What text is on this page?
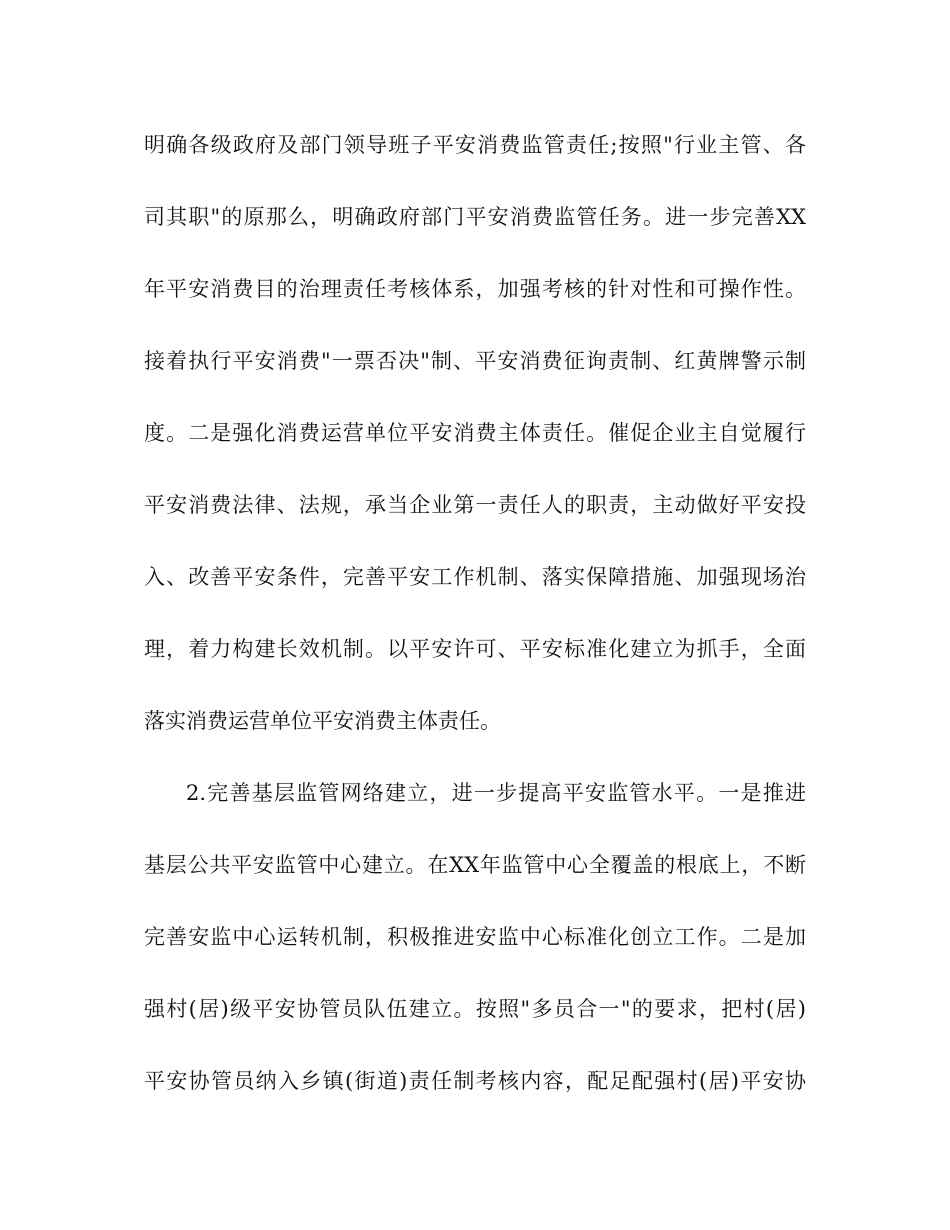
明确各级政府及部门领导班子平安消费监管责任;按照"行业主管、各
司其职"的原那么，明确政府部门平安消费监管任务。进一步完善XX
年平安消费目的治理责任考核体系，加强考核的针对性和可操作性。
接着执行平安消费"一票否决"制、平安消费征询责制、红黄牌警示制
度。二是强化消费运营单位平安消费主体责任。催促企业主自觉履行
平安消费法律、法规，承当企业第一责任人的职责，主动做好平安投
入、改善平安条件，完善平安工作机制、落实保障措施、加强现场治
理，着力构建长效机制。以平安许可、平安标准化建立为抓手，全面
落实消费运营单位平安消费主体责任。
2.完善基层监管网络建立，进一步提高平安监管水平。一是推进
基层公共平安监管中心建立。在XX年监管中心全覆盖的根底上，不断
完善安监中心运转机制，积极推进安监中心标准化创立工作。二是加
强村(居)级平安协管员队伍建立。按照"多员合一"的要求，把村(居)
平安协管员纳入乡镇(街道)责任制考核内容，配足配强村(居)平安协
